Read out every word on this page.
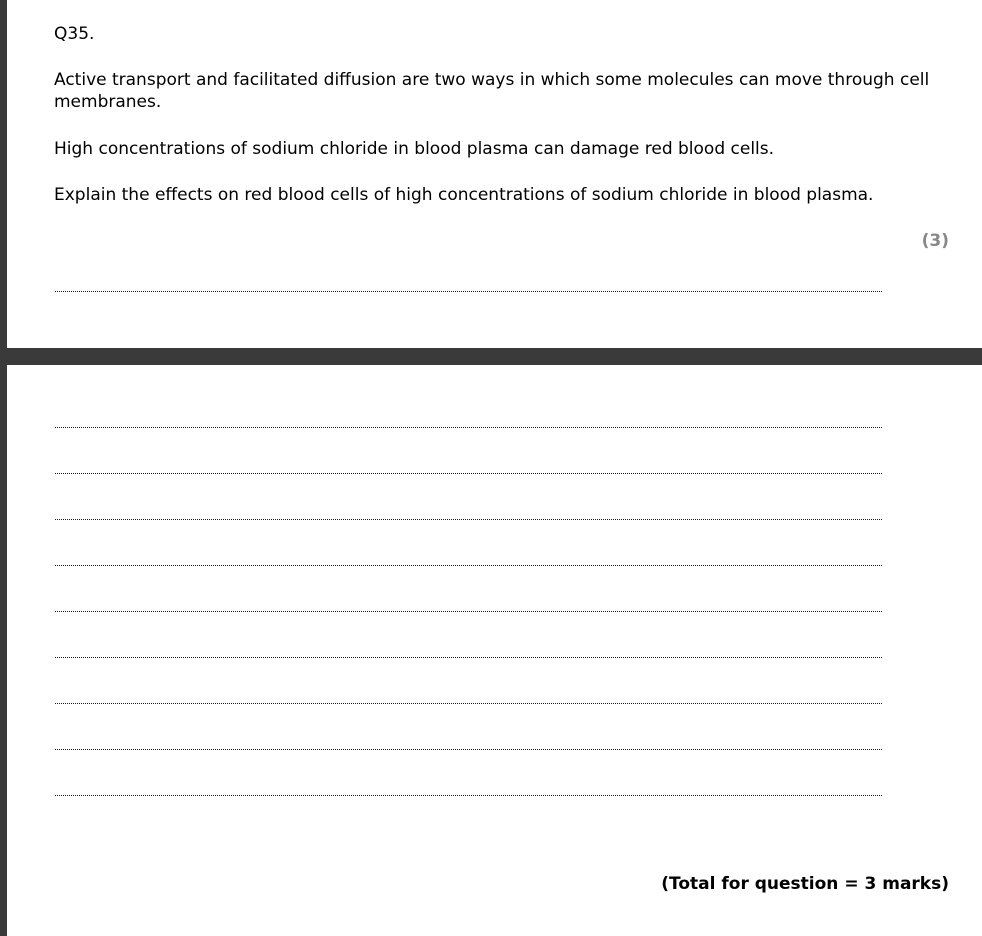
Q35.

Active transport and facilitated diffusion are two ways in which some molecules can move through cell membranes.

High concentrations of sodium chloride in blood plasma can damage red blood cells.

Explain the effects on red blood cells of high concentrations of sodium chloride in blood plasma.

(3)
(Total for question = 3 marks)
